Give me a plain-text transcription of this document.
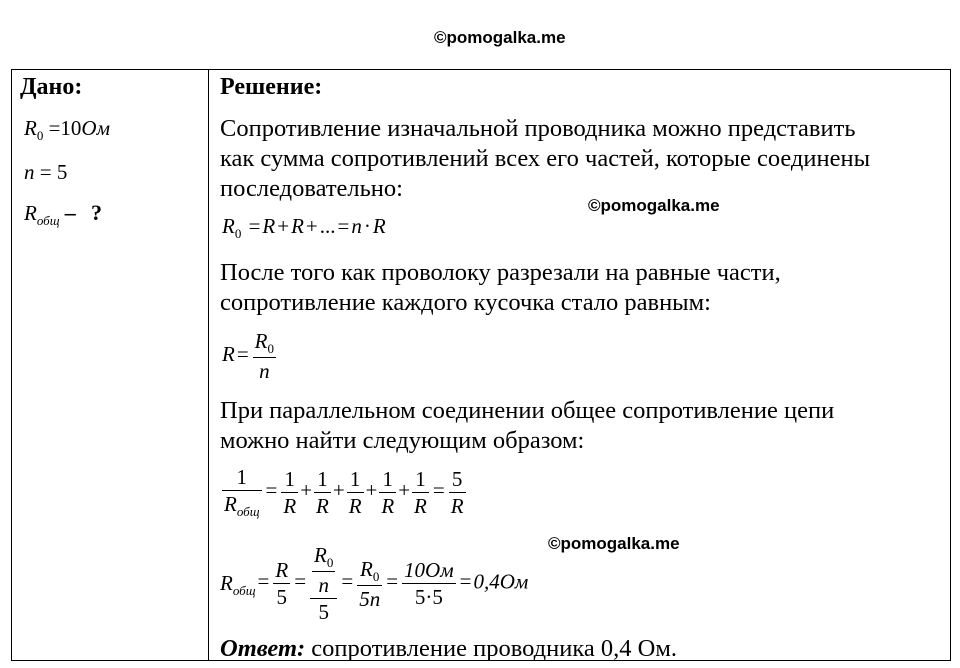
©pomogalka.me
©pomogalka.me
©pomogalka.me
Дано:
$R_0 =10Ом$
n = 5
$R_{общ}$ – ?
Решение:
Сопротивление изначальной проводника можно представить
как сумма сопротивлений всех его частей, которые соединены
последовательно:
$R_0 =R+R+...=n\cdot R$
После того как проволоку разрезали на равные части,
сопротивление каждого кусочка стало равным:
$R= \frac{R_0}{n}$
При параллельном соединении общее сопротивление цепи
можно найти следующим образом:
$\frac{1}{R_{общ}} = \frac{1}{R} + \frac{1}{R} + \frac{1}{R} + \frac{1}{R} + \frac{1}{R} = \frac{5}{R}$
$R_{общ}= \frac{R}{5} = \frac{\frac{R_0}{n}}{5} = \frac{R_0}{5n} = \frac{10Ом}{5\cdot 5} =0,4Ом$
Ответ: сопротивление проводника 0,4 Ом.
